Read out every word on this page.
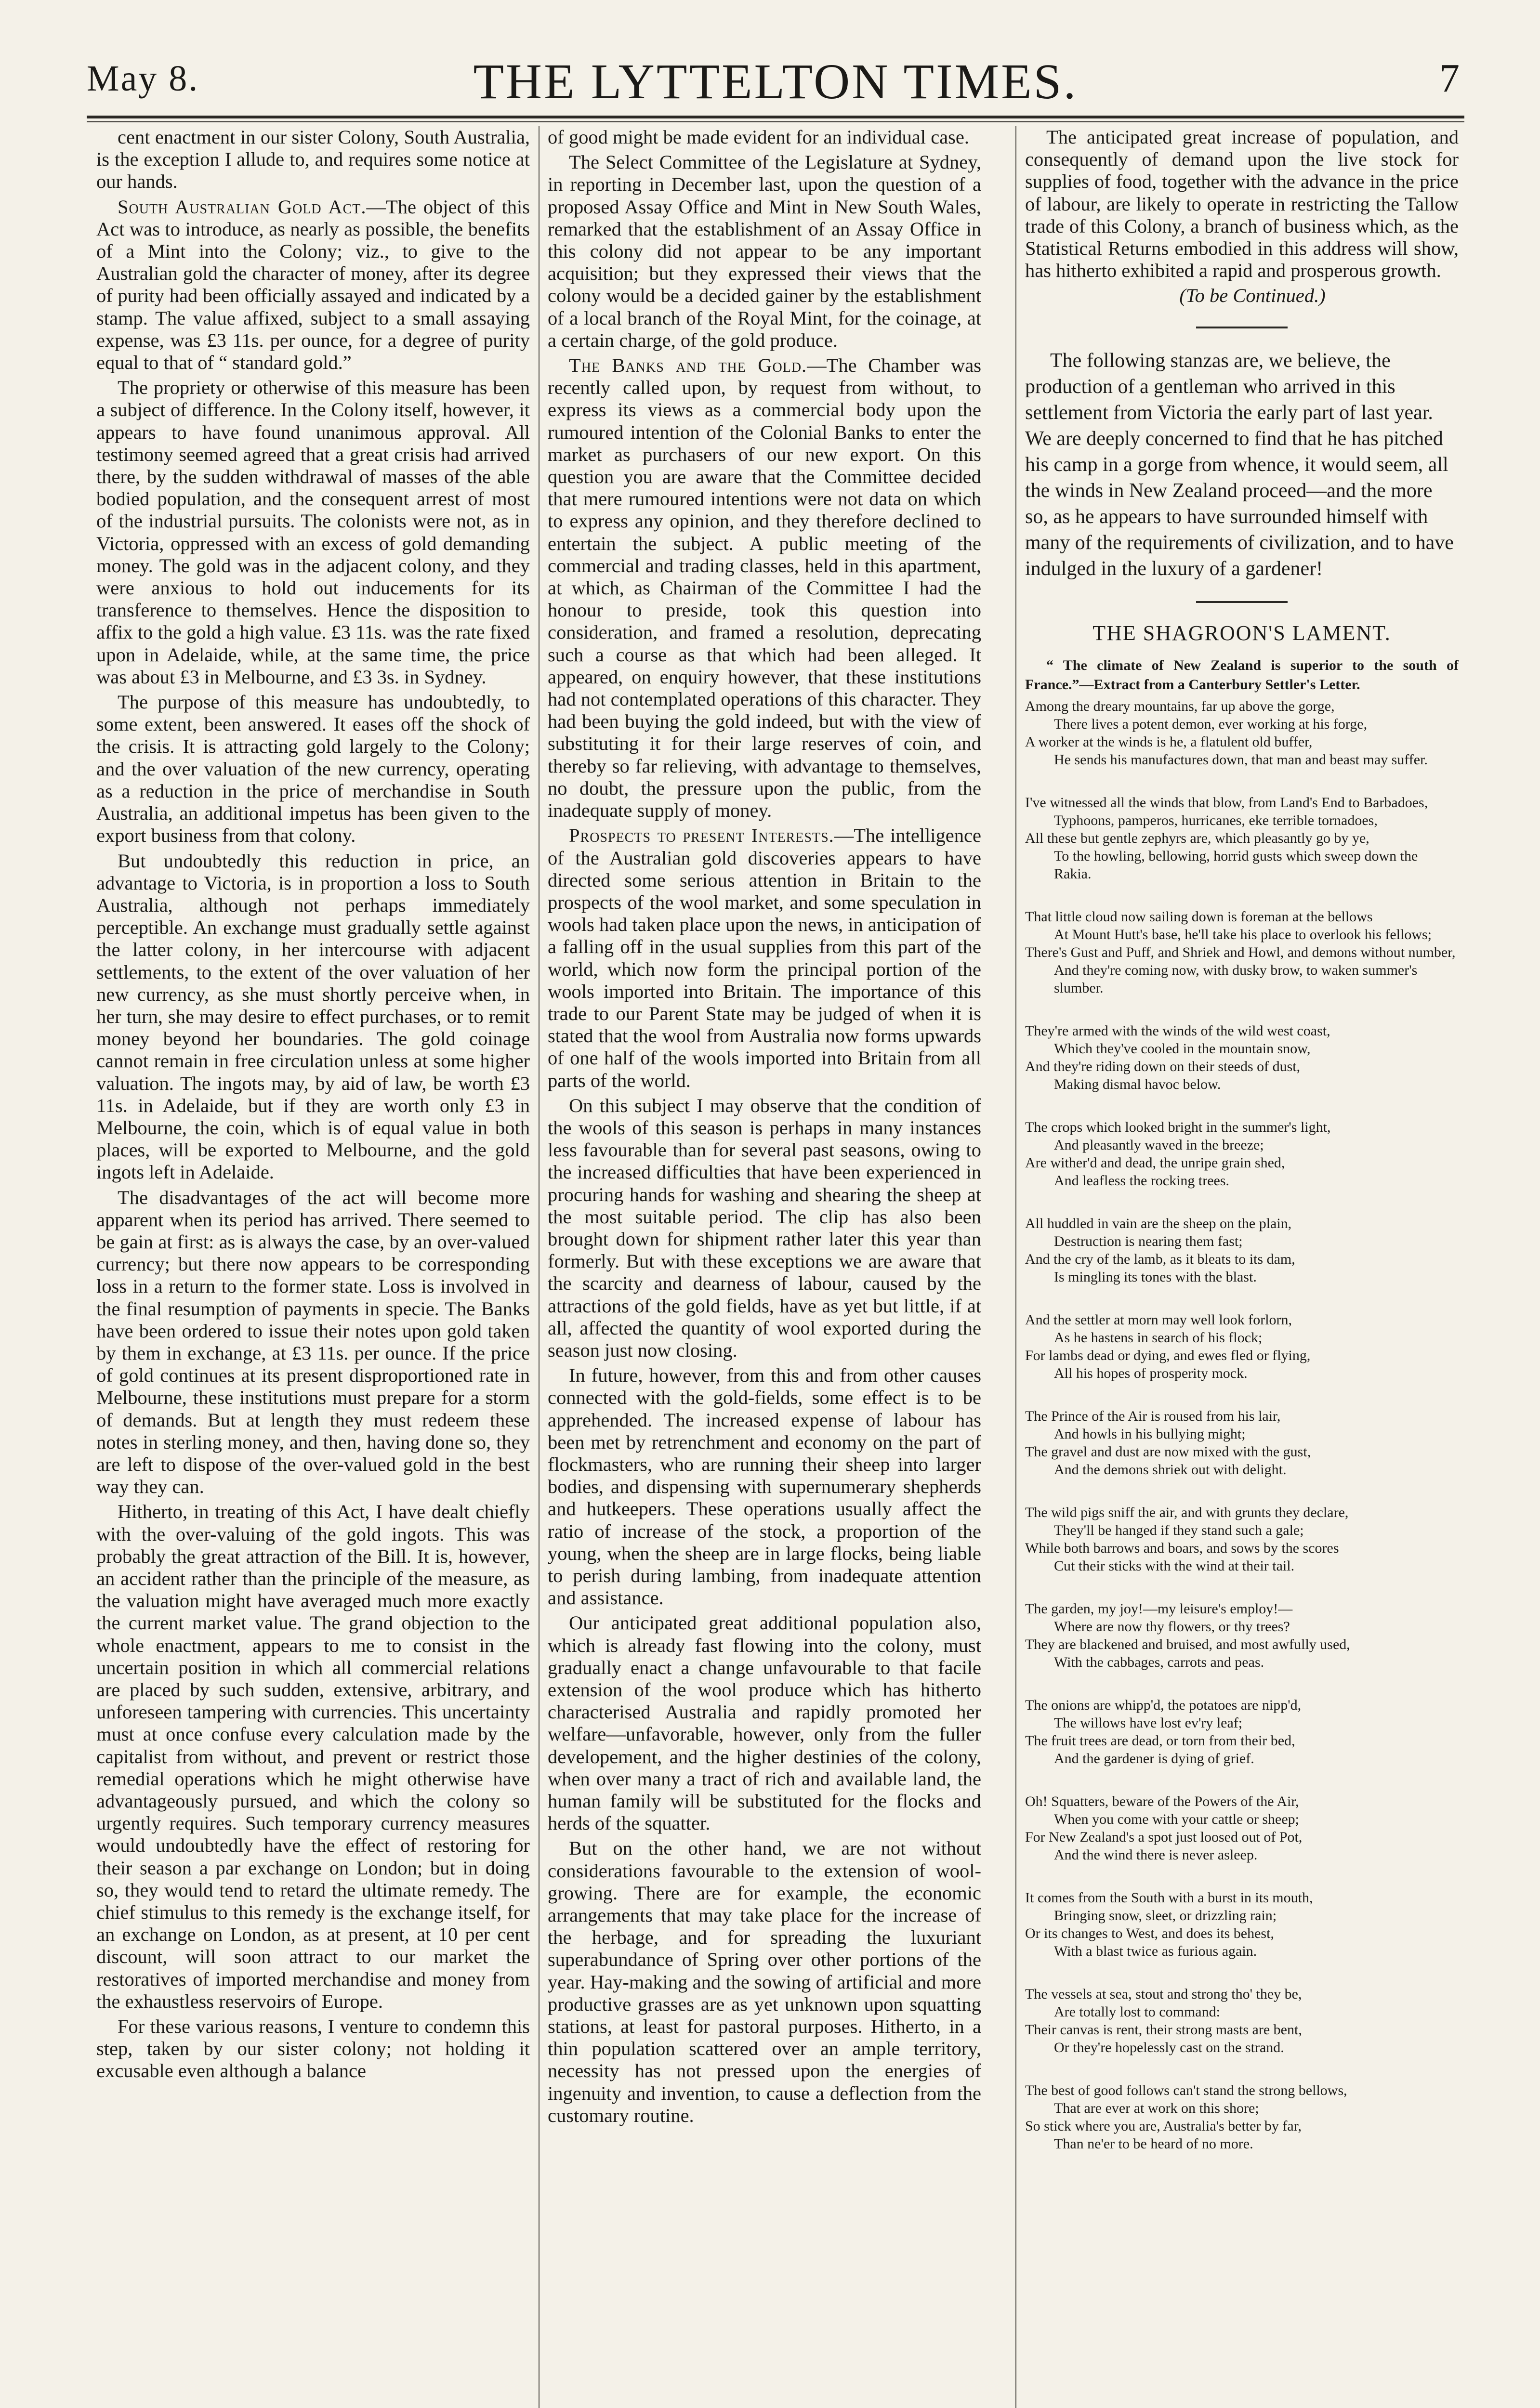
May 8.	THE LYTTELTON TIMES.	7

cent enactment in our sister Colony, South Australia, is the exception I allude to, and requires some notice at our hands.

South Australian Gold Act.—The object of this Act was to introduce, as nearly as possible, the benefits of a Mint into the Colony; viz., to give to the Australian gold the character of money, after its degree of purity had been officially assayed and indicated by a stamp. The value affixed, subject to a small assaying expense, was £3 11s. per ounce, for a degree of purity equal to that of “ standard gold.”

The propriety or otherwise of this measure has been a subject of difference. In the Colony itself, however, it appears to have found unanimous approval. All testimony seemed agreed that a great crisis had arrived there, by the sudden withdrawal of masses of the able bodied population, and the consequent arrest of most of the industrial pursuits. The colonists were not, as in Victoria, oppressed with an excess of gold demanding money. The gold was in the adjacent colony, and they were anxious to hold out inducements for its transference to themselves. Hence the disposition to affix to the gold a high value. £3 11s. was the rate fixed upon in Adelaide, while, at the same time, the price was about £3 in Melbourne, and £3 3s. in Sydney.

The purpose of this measure has undoubtedly, to some extent, been answered. It eases off the shock of the crisis. It is attracting gold largely to the Colony; and the over valuation of the new currency, operating as a reduction in the price of merchandise in South Australia, an additional impetus has been given to the export business from that colony.

But undoubtedly this reduction in price, an advantage to Victoria, is in proportion a loss to South Australia, although not perhaps immediately perceptible. An exchange must gradually settle against the latter colony, in her intercourse with adjacent settlements, to the extent of the over valuation of her new currency, as she must shortly perceive when, in her turn, she may desire to effect purchases, or to remit money beyond her boundaries. The gold coinage cannot remain in free circulation unless at some higher valuation. The ingots may, by aid of law, be worth £3 11s. in Adelaide, but if they are worth only £3 in Melbourne, the coin, which is of equal value in both places, will be exported to Melbourne, and the gold ingots left in Adelaide.

The disadvantages of the act will become more apparent when its period has arrived. There seemed to be gain at first: as is always the case, by an over-valued currency; but there now appears to be corresponding loss in a return to the former state. Loss is involved in the final resumption of payments in specie. The Banks have been ordered to issue their notes upon gold taken by them in exchange, at £3 11s. per ounce. If the price of gold continues at its present disproportioned rate in Melbourne, these institutions must prepare for a storm of demands. But at length they must redeem these notes in sterling money, and then, having done so, they are left to dispose of the over-valued gold in the best way they can.

Hitherto, in treating of this Act, I have dealt chiefly with the over-valuing of the gold ingots. This was probably the great attraction of the Bill. It is, however, an accident rather than the principle of the measure, as the valuation might have averaged much more exactly the current market value. The grand objection to the whole enactment, appears to me to consist in the uncertain position in which all commercial relations are placed by such sudden, extensive, arbitrary, and unforeseen tampering with currencies. This uncertainty must at once confuse every calculation made by the capitalist from without, and prevent or restrict those remedial operations which he might otherwise have advantageously pursued, and which the colony so urgently requires. Such temporary currency measures would undoubtedly have the effect of restoring for their season a par exchange on London; but in doing so, they would tend to retard the ultimate remedy. The chief stimulus to this remedy is the exchange itself, for an exchange on London, as at present, at 10 per cent discount, will soon attract to our market the restoratives of imported merchandise and money from the exhaustless reservoirs of Europe.

For these various reasons, I venture to condemn this step, taken by our sister colony; not holding it excusable even although a balance

of good might be made evident for an individual case.

The Select Committee of the Legislature at Sydney, in reporting in December last, upon the question of a proposed Assay Office and Mint in New South Wales, remarked that the establishment of an Assay Office in this colony did not appear to be any important acquisition; but they expressed their views that the colony would be a decided gainer by the establishment of a local branch of the Royal Mint, for the coinage, at a certain charge, of the gold produce.

The Banks and the Gold.—The Chamber was recently called upon, by request from without, to express its views as a commercial body upon the rumoured intention of the Colonial Banks to enter the market as purchasers of our new export. On this question you are aware that the Committee decided that mere rumoured intentions were not data on which to express any opinion, and they therefore declined to entertain the subject. A public meeting of the commercial and trading classes, held in this apartment, at which, as Chairman of the Committee I had the honour to preside, took this question into consideration, and framed a resolution, deprecating such a course as that which had been alleged. It appeared, on enquiry however, that these institutions had not contemplated operations of this character. They had been buying the gold indeed, but with the view of substituting it for their large reserves of coin, and thereby so far relieving, with advantage to themselves, no doubt, the pressure upon the public, from the inadequate supply of money.

Prospects to present Interests.—The intelligence of the Australian gold discoveries appears to have directed some serious attention in Britain to the prospects of the wool market, and some speculation in wools had taken place upon the news, in anticipation of a falling off in the usual supplies from this part of the world, which now form the principal portion of the wools imported into Britain. The importance of this trade to our Parent State may be judged of when it is stated that the wool from Australia now forms upwards of one half of the wools imported into Britain from all parts of the world.

On this subject I may observe that the condition of the wools of this season is perhaps in many instances less favourable than for several past seasons, owing to the increased difficulties that have been experienced in procuring hands for washing and shearing the sheep at the most suitable period. The clip has also been brought down for shipment rather later this year than formerly. But with these exceptions we are aware that the scarcity and dearness of labour, caused by the attractions of the gold fields, have as yet but little, if at all, affected the quantity of wool exported during the season just now closing.

In future, however, from this and from other causes connected with the gold-fields, some effect is to be apprehended. The increased expense of labour has been met by retrenchment and economy on the part of flockmasters, who are running their sheep into larger bodies, and dispensing with supernumerary shepherds and hutkeepers. These operations usually affect the ratio of increase of the stock, a proportion of the young, when the sheep are in large flocks, being liable to perish during lambing, from inadequate attention and assistance.

Our anticipated great additional population also, which is already fast flowing into the colony, must gradually enact a change unfavourable to that facile extension of the wool produce which has hitherto characterised Australia and rapidly promoted her welfare—unfavorable, however, only from the fuller developement, and the higher destinies of the colony, when over many a tract of rich and available land, the human family will be substituted for the flocks and herds of the squatter.

But on the other hand, we are not without considerations favourable to the extension of wool-growing. There are for example, the economic arrangements that may take place for the increase of the herbage, and for spreading the luxuriant superabundance of Spring over other portions of the year. Hay-making and the sowing of artificial and more productive grasses are as yet unknown upon squatting stations, at least for pastoral purposes. Hitherto, in a thin population scattered over an ample territory, necessity has not pressed upon the energies of ingenuity and invention, to cause a deflection from the customary routine.

The anticipated great increase of population, and consequently of demand upon the live stock for supplies of food, together with the advance in the price of labour, are likely to operate in restricting the Tallow trade of this Colony, a branch of business which, as the Statistical Returns embodied in this address will show, has hitherto exhibited a rapid and prosperous growth.

(To be Continued.)

The following stanzas are, we believe, the production of a gentleman who arrived in this settlement from Victoria the early part of last year. We are deeply concerned to find that he has pitched his camp in a gorge from whence, it would seem, all the winds in New Zealand proceed—and the more so, as he appears to have surrounded himself with many of the requirements of civilization, and to have indulged in the luxury of a gardener!

THE SHAGROON'S LAMENT.

“ The climate of New Zealand is superior to the south of France.”—Extract from a Canterbury Settler's Letter.

Among the dreary mountains, far up above the gorge,
There lives a potent demon, ever working at his forge,
A worker at the winds is he, a flatulent old buffer,
He sends his manufactures down, that man and beast may suffer.
I've witnessed all the winds that blow, from Land's End to Barbadoes,
Typhoons, pamperos, hurricanes, eke terrible tornadoes,
All these but gentle zephyrs are, which pleasantly go by ye,
To the howling, bellowing, horrid gusts which sweep down the Rakia.
That little cloud now sailing down is foreman at the bellows
At Mount Hutt's base, he'll take his place to overlook his fellows;
There's Gust and Puff, and Shriek and Howl, and demons without number,
And they're coming now, with dusky brow, to waken summer's slumber.
They're armed with the winds of the wild west coast,
Which they've cooled in the mountain snow,
And they're riding down on their steeds of dust,
Making dismal havoc below.
The crops which looked bright in the summer's light,
And pleasantly waved in the breeze;
Are wither'd and dead, the unripe grain shed,
And leafless the rocking trees.
All huddled in vain are the sheep on the plain,
Destruction is nearing them fast;
And the cry of the lamb, as it bleats to its dam,
Is mingling its tones with the blast.
And the settler at morn may well look forlorn,
As he hastens in search of his flock;
For lambs dead or dying, and ewes fled or flying,
All his hopes of prosperity mock.
The Prince of the Air is roused from his lair,
And howls in his bullying might;
The gravel and dust are now mixed with the gust,
And the demons shriek out with delight.
The wild pigs sniff the air, and with grunts they declare,
They'll be hanged if they stand such a gale;
While both barrows and boars, and sows by the scores
Cut their sticks with the wind at their tail.
The garden, my joy!—my leisure's employ!—
Where are now thy flowers, or thy trees?
They are blackened and bruised, and most awfully used,
With the cabbages, carrots and peas.
The onions are whipp'd, the potatoes are nipp'd,
The willows have lost ev'ry leaf;
The fruit trees are dead, or torn from their bed,
And the gardener is dying of grief.
Oh! Squatters, beware of the Powers of the Air,
When you come with your cattle or sheep;
For New Zealand's a spot just loosed out of Pot,
And the wind there is never asleep.
It comes from the South with a burst in its mouth,
Bringing snow, sleet, or drizzling rain;
Or its changes to West, and does its behest,
With a blast twice as furious again.
The vessels at sea, stout and strong tho' they be,
Are totally lost to command:
Their canvas is rent, their strong masts are bent,
Or they're hopelessly cast on the strand.
The best of good follows can't stand the strong bellows,
That are ever at work on this shore;
So stick where you are, Australia's better by far,
Than ne'er to be heard of no more.
